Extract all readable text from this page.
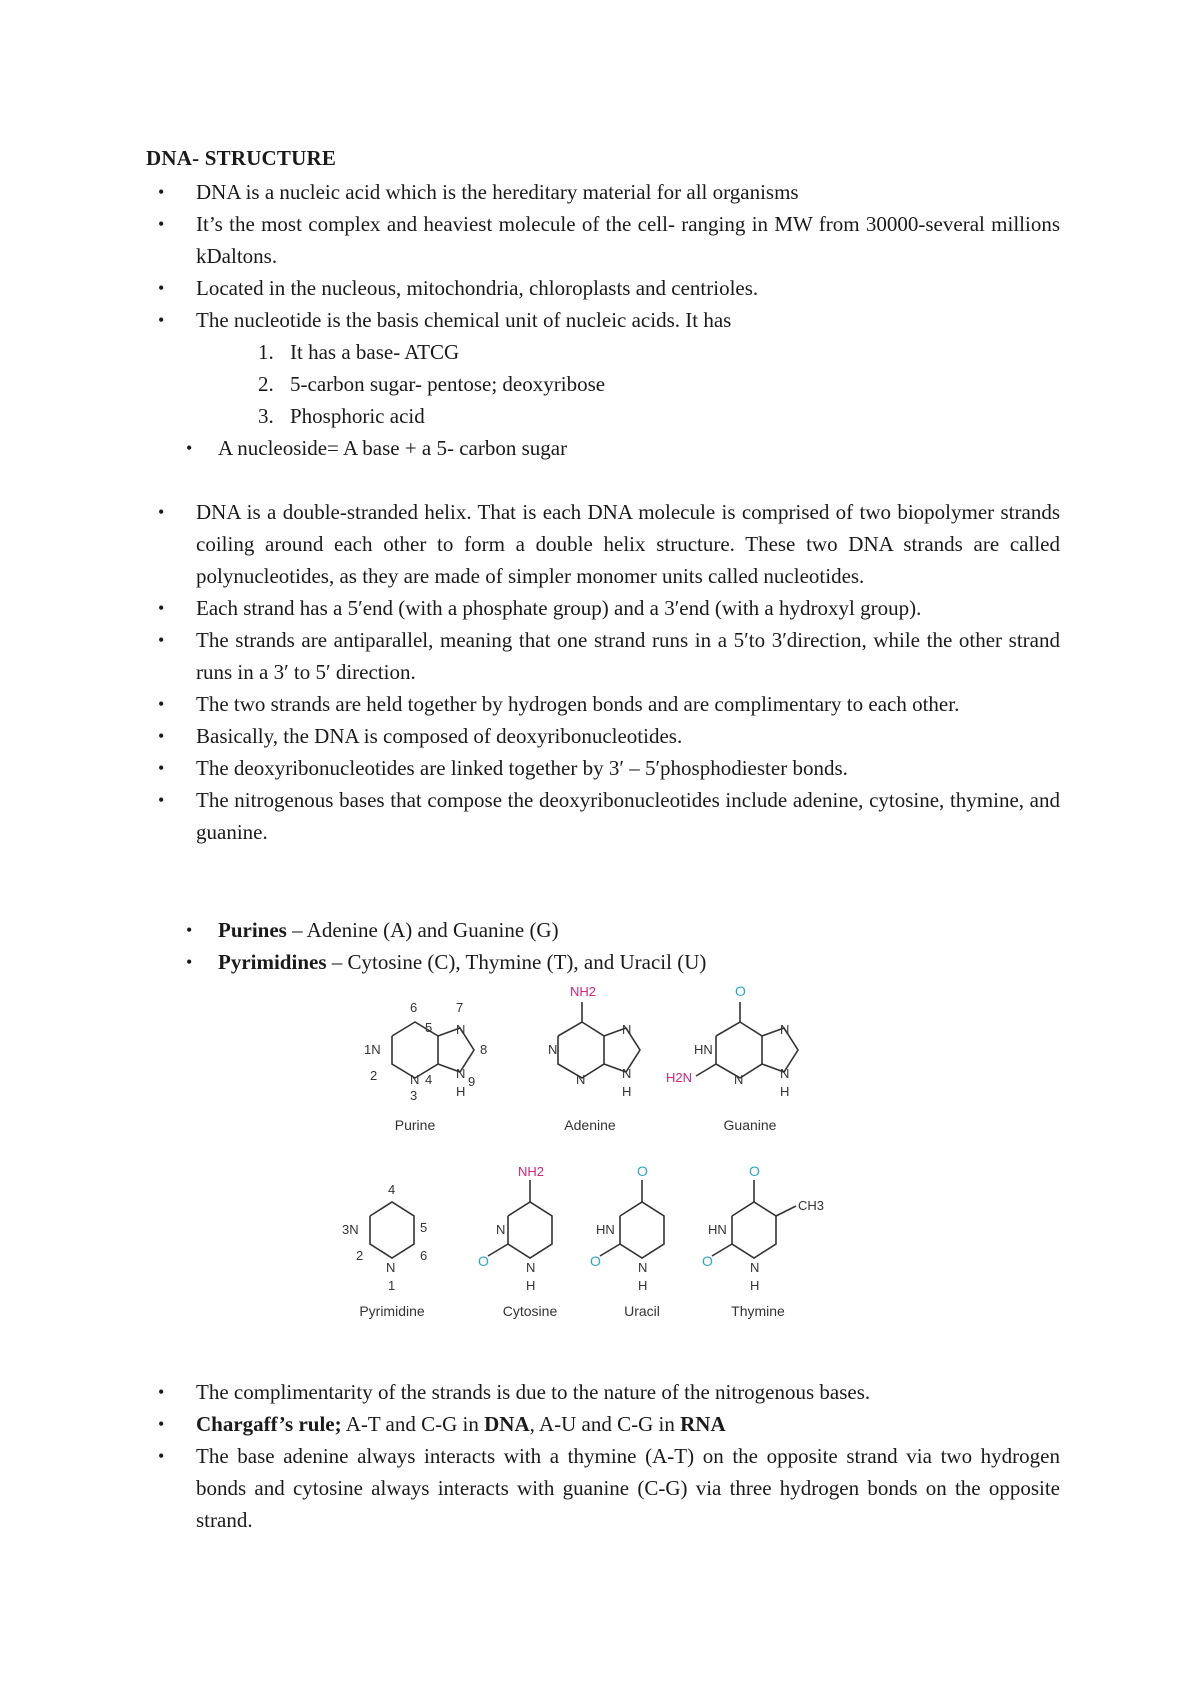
DNA- STRUCTURE
• DNA is a nucleic acid which is the hereditary material for all organisms
• It’s the most complex and heaviest molecule of the cell- ranging in MW from 30000-several millions kDaltons.
• Located in the nucleous, mitochondria, chloroplasts and centrioles.
• The nucleotide is the basis chemical unit of nucleic acids. It has
1. It has a base- ATCG
2. 5-carbon sugar- pentose; deoxyribose
3. Phosphoric acid
• A nucleoside= A base + a 5- carbon sugar
• DNA is a double-stranded helix. That is each DNA molecule is comprised of two biopolymer strands coiling around each other to form a double helix structure. These two DNA strands are called polynucleotides, as they are made of simpler monomer units called nucleotides.
• Each strand has a 5′end (with a phosphate group) and a 3′end (with a hydroxyl group).
• The strands are antiparallel, meaning that one strand runs in a 5′to 3′direction, while the other strand runs in a 3′ to 5′ direction.
• The two strands are held together by hydrogen bonds and are complimentary to each other.
• Basically, the DNA is composed of deoxyribonucleotides.
• The deoxyribonucleotides are linked together by 3′ – 5′phosphodiester bonds.
• The nitrogenous bases that compose the deoxyribonucleotides include adenine, cytosine, thymine, and guanine.
• Purines – Adenine (A) and Guanine (G)
• Pyrimidines – Cytosine (C), Thymine (T), and Uracil (U)
1N
2
3
4
5
6	7
8
9
N
N	N
H
N
N
N
N
H
HN
N
N
N
H
4
3N	5
6
2
N
1
N
N
H
HN
N
H
HN
N
H
CH3
NH2
H2N
NH2
O
O
O
O
O
O
Purine	Adenine	Guanine
Pyrimidine	Cytosine	Uracil	Thymine
• The complimentarity of the strands is due to the nature of the nitrogenous bases.
• Chargaff’s rule; A-T and C-G in DNA, A-U and C-G in RNA
• The base adenine always interacts with a thymine (A-T) on the opposite strand via two hydrogen bonds and cytosine always interacts with guanine (C-G) via three hydrogen bonds on the opposite strand.
